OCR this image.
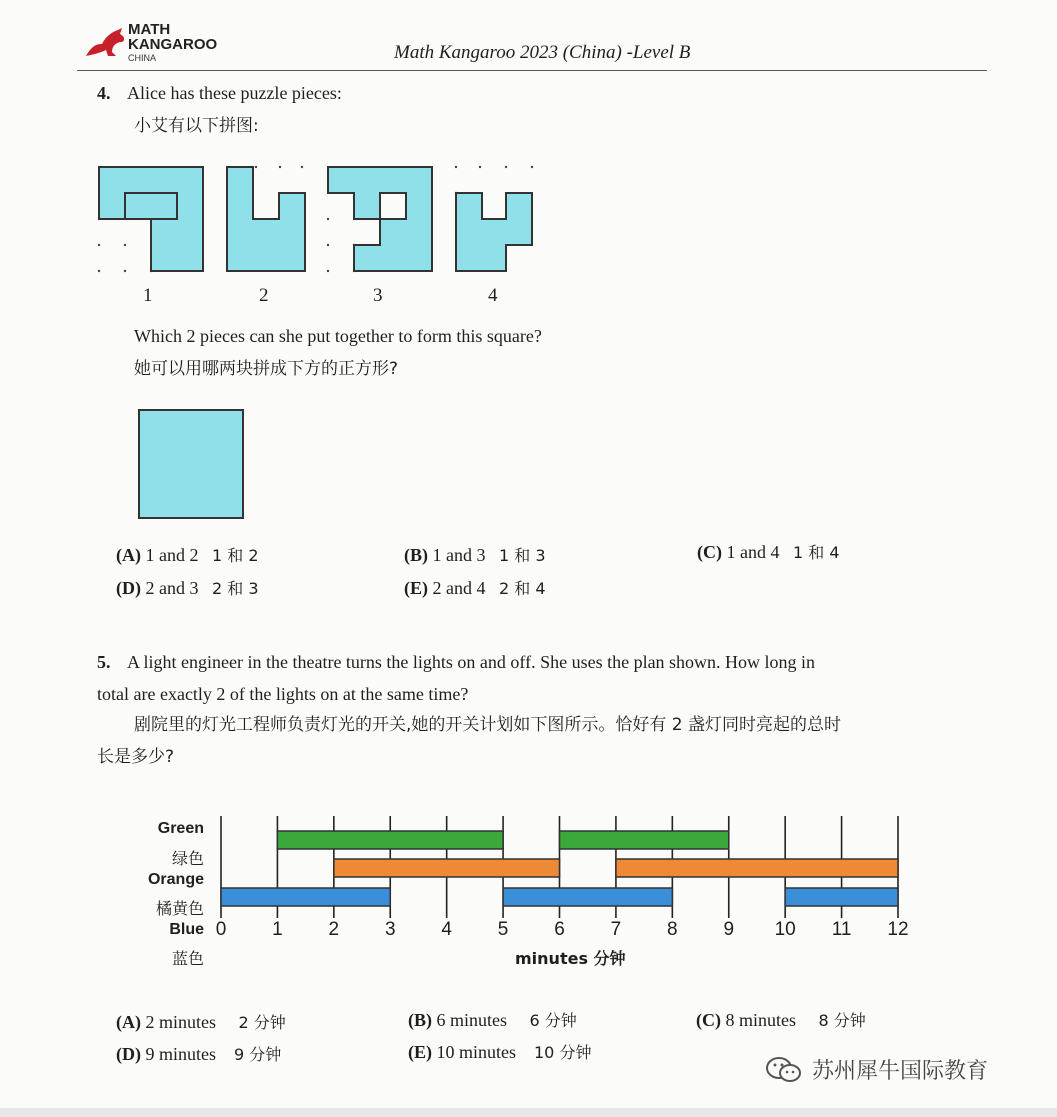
MATH
KANGAROO
CHINA	Math Kangaroo 2023 (China) -Level B
4. Alice has these puzzle pieces:
小艾有以下拼图:
1	2	3	4
Which 2 pieces can she put together to form this square?
她可以用哪两块拼成下方的正方形?
(A) 1 and 2 1 和 2	(B) 1 and 3 1 和 3	(C) 1 and 4 1 和 4
(D) 2 and 3 2 和 3	(E) 2 and 4 2 和 4
5. A light engineer in the theatre turns the lights on and off. She uses the plan shown. How long in
total are exactly 2 of the lights on at the same time?
剧院里的灯光工程师负责灯光的开关,她的开关计划如下图所示。恰好有 2 盏灯同时亮起的总时
长是多少?
Green
绿色
Orange
橘黄色
Blue
蓝色
0	1	2	3	4	5	6	7	8	9	10 11 12
minutes 分钟
(A) 2 minutes 2 分钟	(B) 6 minutes 6 分钟	(C) 8 minutes 8 分钟
(D) 9 minutes 9 分钟	(E) 10 minutes 10 分钟
苏州犀牛国际教育
